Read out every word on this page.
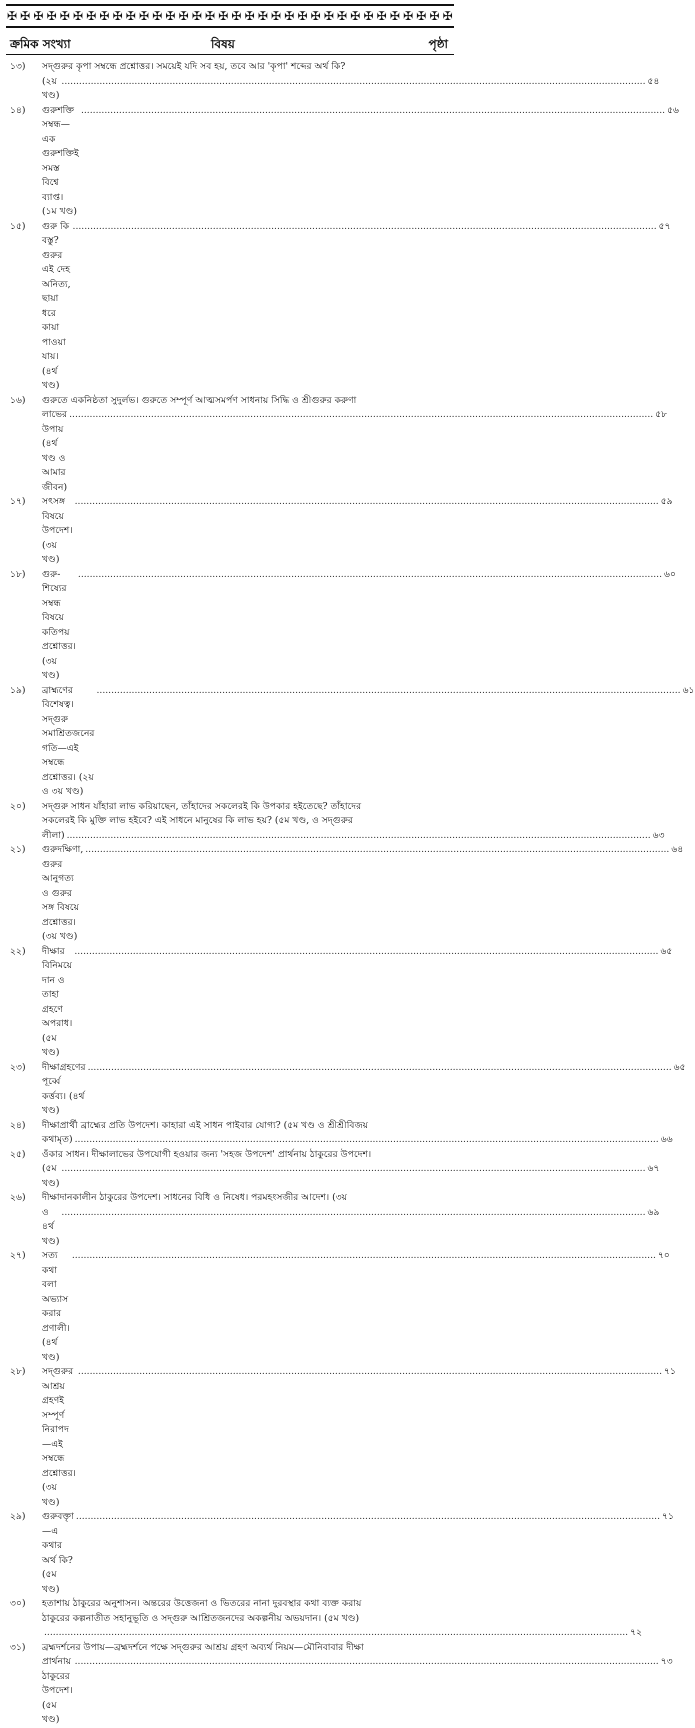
✠ ✠ ✠ ✠ ✠ ✠ ✠ ✠ ✠ ✠ ✠ ✠ ✠ ✠ ✠ ✠ ✠ ✠ ✠ ✠ ✠ ✠ ✠ ✠ ✠ ✠ ✠ ✠ ✠ ✠ ✠ ✠ ✠ ✠
ক্রমিক সংখ্যা	বিষয়	পৃষ্ঠা
১৩)	সদ্গুরুর কৃপা সম্বন্ধে প্রশ্নোত্তর। সময়েই যদি সব হয়, তবে আর 'কৃপা' শব্দের অর্থ কি?
(২য় খণ্ড)
........................................................................................................................................................................................................ ৫৪
১৪)	গুরুশক্তি সম্বন্ধ—এক গুরুশক্তিই সমস্ত বিশ্বে ব্যাপ্ত। (১ম খণ্ড)
........................................................................................................................................................................................................ ৫৬
১৫)	গুরু কি বস্তু? গুরুর এই দেহ অনিত্য, ছায়া ধরে কায়া পাওয়া যায়। (৪র্থ খণ্ড)
........................................................................................................................................................................................................ ৫৭
১৬)	গুরুতে একনিষ্ঠতা সুদুর্লভ। গুরুতে সম্পূর্ণ আত্মসমর্পণ সাধনায় সিদ্ধি ও শ্রীগুরুর করুণা
লাভের উপায় (৪র্থ খণ্ড ও আমার জীবন)
........................................................................................................................................................................................................ ৫৮
১৭)	সৎসঙ্গ বিষয়ে উপদেশ। (৩য় খণ্ড)
........................................................................................................................................................................................................ ৫৯
১৮)	গুরু-শিষ্যের সম্বন্ধ বিষয়ে কতিপয় প্রশ্নোত্তর। (৩য় খণ্ড)
........................................................................................................................................................................................................ ৬০
১৯)	ব্রাহ্মণের বিশেষত্ব। সদ্গুরু সমাশ্রিতজনের গতি—এই সম্বন্ধে প্রশ্নোত্তর। (২য় ও ৩য় খণ্ড)
........................................................................................................................................................................................................ ৬১
২০)	সদ্গুরু সাধন যাঁহারা লাভ করিয়াছেন, তাঁহাদের সকলেরই কি উপকার হইতেছে? তাঁহাদের
সকলেরই কি মুক্তি লাভ হইবে? এই সাধনে মানুষের কি লাভ হয়? (৫ম খণ্ড, ও সদ্গুরুর
লীলা) ........................................................................................................................................................................................................ ৬৩
২১)	গুরুদক্ষিণা, গুরুর আনুগত্য ও গুরুর সঙ্গ বিষয়ে প্রশ্নোত্তর। (৩য় খণ্ড)
........................................................................................................................................................................................................ ৬৪
২২)	দীক্ষার বিনিময়ে দান ও তাহা গ্রহণে অপরাধ। (৫ম খণ্ড)
........................................................................................................................................................................................................ ৬৫
২৩)	দীক্ষাগ্রহণের পূর্ব্বে কর্ত্তব্য। (৪র্থ খণ্ড)
........................................................................................................................................................................................................ ৬৫
২৪)	দীক্ষাপ্রার্থী ব্রাহ্মের প্রতি উপদেশ। কাহারা এই সাধন পাইবার যোগ্য? (৫ম খণ্ড ও শ্রীশ্রীবিজয়
কথামৃত) ........................................................................................................................................................................................................ ৬৬
২৫)	ওঁকার সাধন। দীক্ষালাভের উপযোগী হওয়ার জন্য 'সহজ উপদেশ' প্রার্থনায় ঠাকুরের উপদেশ।
(৫ম খণ্ড)
........................................................................................................................................................................................................ ৬৭
২৬)	দীক্ষাদানকালীন ঠাকুরের উপদেশ। সাধনের বিধি ও নিষেধ। পরমহংসজীর আদেশ। (৩য়
ও ৪র্থ খণ্ড)
........................................................................................................................................................................................................ ৬৯
২৭)	সত্য কথা বলা অভ্যাস করার প্রণালী। (৪র্থ খণ্ড)
........................................................................................................................................................................................................ ৭০
২৮)	সদ্গুরুর আশ্রয় গ্রহণই সম্পূর্ণ নিরাপদ—এই সম্বন্ধে প্রশ্নোত্তর। (৩য় খণ্ড)
........................................................................................................................................................................................................ ৭১
২৯)	গুরুবক্তৃা—এ কথার অর্থ কি? (৫ম খণ্ড)
........................................................................................................................................................................................................ ৭১
৩০)	হতাশায় ঠাকুরের অনুশাসন। অন্তরের উত্তেজনা ও ভিতরের নানা দুরবস্থার কথা ব্যক্ত করায়
ঠাকুরের কল্পনাতীত সহানুভূতি ও সদ্গুরু আশ্রিতজনদের অকল্পনীয় অভয়দান। (৫ম খণ্ড)
........................................................................................................................................................................................................ ৭২
৩১)	ব্রহ্মদর্শনের উপায়—ব্রহ্মদর্শনে পক্ষে সদ্গুরুর আশ্রয় গ্রহণ অব্যর্থ নিয়ম—মৌনিবাবার দীক্ষা
প্রার্থনায় ঠাকুরের উপদেশ। (৫ম খণ্ড)
........................................................................................................................................................................................................ ৭৩
